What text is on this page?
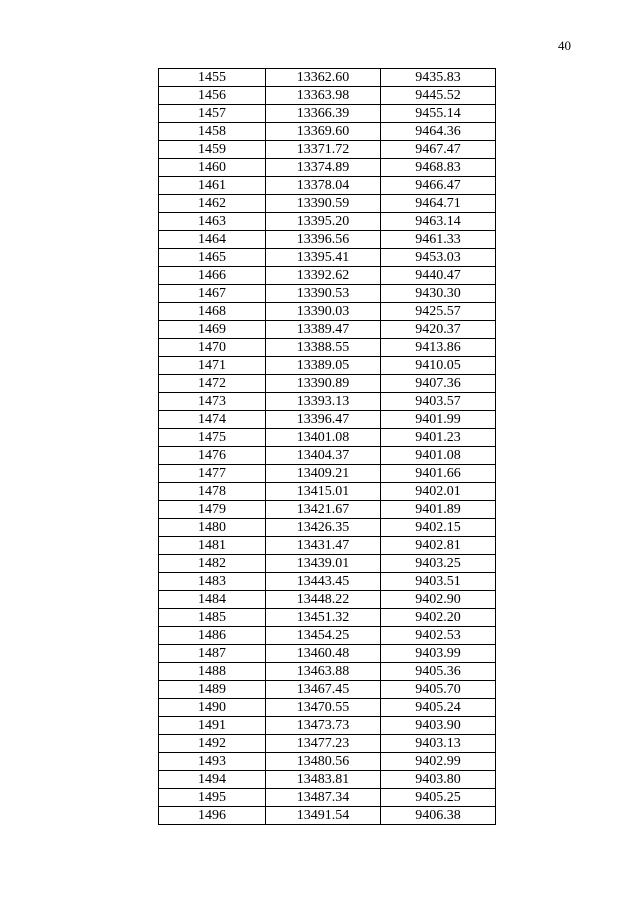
40
1455	13362.60	9435.83
1456	13363.98	9445.52
1457	13366.39	9455.14
1458	13369.60	9464.36
1459	13371.72	9467.47
1460	13374.89	9468.83
1461	13378.04	9466.47
1462	13390.59	9464.71
1463	13395.20	9463.14
1464	13396.56	9461.33
1465	13395.41	9453.03
1466	13392.62	9440.47
1467	13390.53	9430.30
1468	13390.03	9425.57
1469	13389.47	9420.37
1470	13388.55	9413.86
1471	13389.05	9410.05
1472	13390.89	9407.36
1473	13393.13	9403.57
1474	13396.47	9401.99
1475	13401.08	9401.23
1476	13404.37	9401.08
1477	13409.21	9401.66
1478	13415.01	9402.01
1479	13421.67	9401.89
1480	13426.35	9402.15
1481	13431.47	9402.81
1482	13439.01	9403.25
1483	13443.45	9403.51
1484	13448.22	9402.90
1485	13451.32	9402.20
1486	13454.25	9402.53
1487	13460.48	9403.99
1488	13463.88	9405.36
1489	13467.45	9405.70
1490	13470.55	9405.24
1491	13473.73	9403.90
1492	13477.23	9403.13
1493	13480.56	9402.99
1494	13483.81	9403.80
1495	13487.34	9405.25
1496	13491.54	9406.38
